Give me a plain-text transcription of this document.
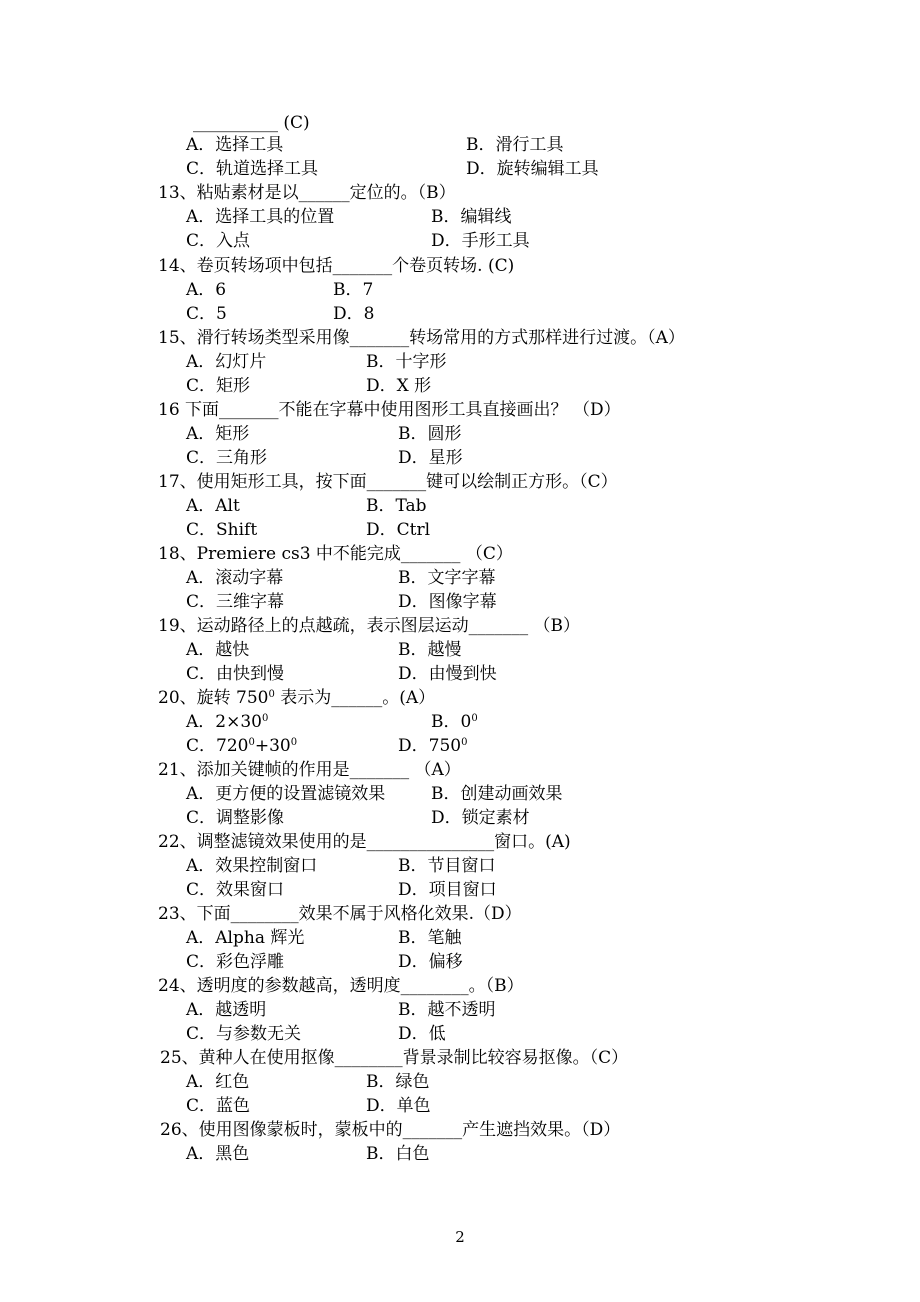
__________ (C)
A．选择工具	B．滑行工具
C．轨道选择工具	D．旋转编辑工具
13、粘贴素材是以______定位的。（B）
A．选择工具的位置	B．编辑线
C．入点	D．手形工具
14、卷页转场项中包括_______个卷页转场. (C)
A．6	B．7
C．5	D．8
15、滑行转场类型采用像_______转场常用的方式那样进行过渡。（A）
A．幻灯片	B．十字形
C．矩形	D．X 形
16 下面_______不能在字幕中使用图形工具直接画出？ （D）
A．矩形	B．圆形
C．三角形	D．星形
17、使用矩形工具，按下面_______键可以绘制正方形。（C）
A．Alt	B．Tab
C．Shift	D．Ctrl
18、Premiere cs3 中不能完成_______ （C）
A．滚动字幕	B．文字字幕
C．三维字幕	D．图像字幕
19、运动路径上的点越疏，表示图层运动_______ （B）
A．越快	B．越慢
C．由快到慢	D．由慢到快
20、旋转 $750^0$ 表示为______。(A）
A．$2\times 30^0$	B．$0^0$
C．$720^0+30^0$	D．$750^0$
21、添加关键帧的作用是_______ （A）
A．更方便的设置滤镜效果	B．创建动画效果
C．调整影像	D．锁定素材
22、调整滤镜效果使用的是_______________窗口。(A)
A．效果控制窗口	B．节目窗口
C．效果窗口	D．项目窗口
23、下面________效果不属于风格化效果.（D）
A．Alpha 辉光	B．笔触
C．彩色浮雕	D．偏移
24、透明度的参数越高，透明度________。（B）
A．越透明	B．越不透明
C．与参数无关	D．低
25、黄种人在使用抠像________背景录制比较容易抠像。（C）
A．红色	B．绿色
C．蓝色	D．单色
26、使用图像蒙板时，蒙板中的_______产生遮挡效果。（D）
A．黑色	B．白色
2
